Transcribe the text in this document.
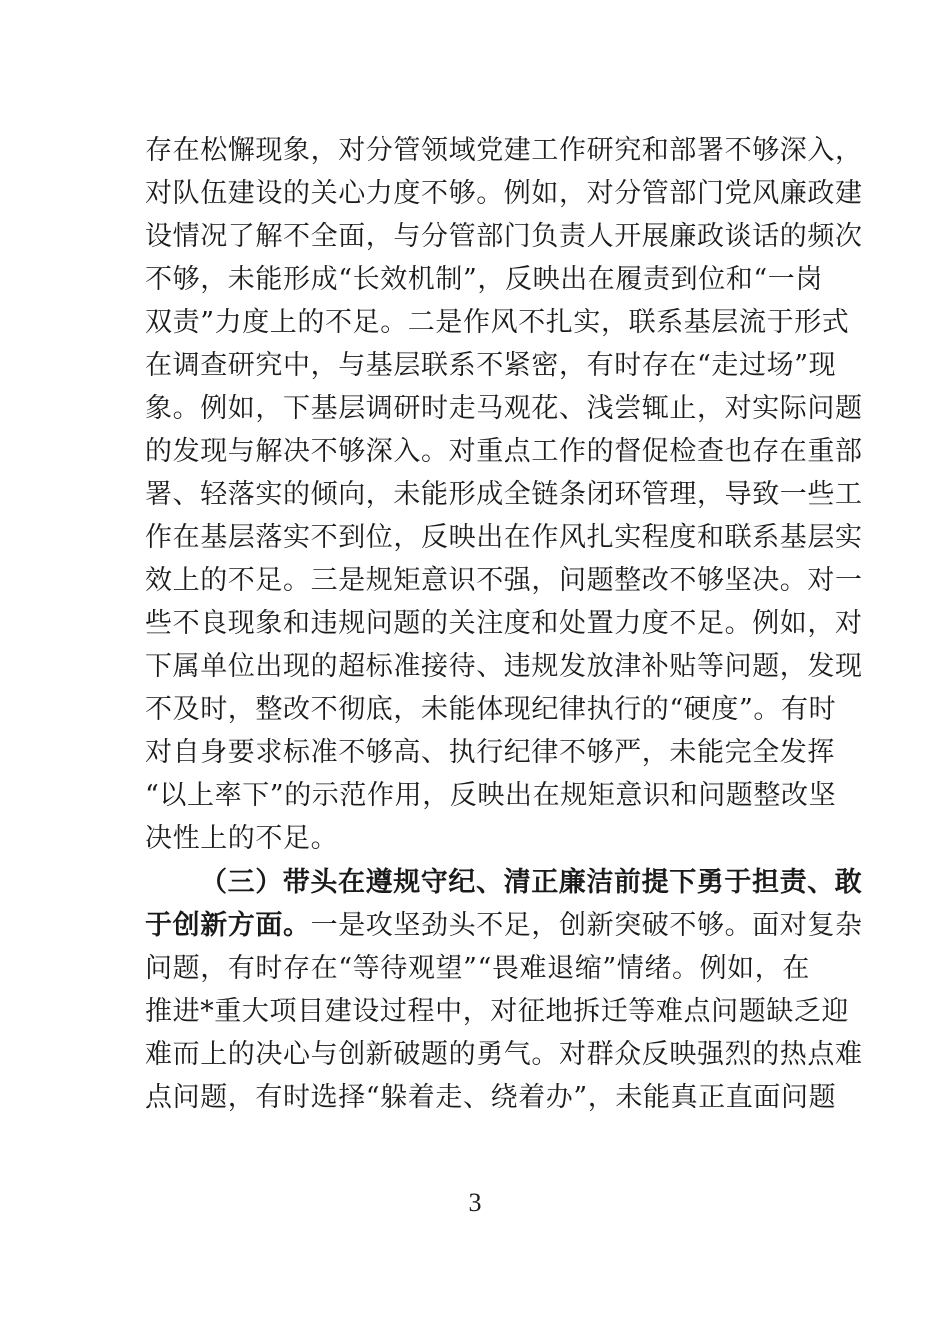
存在松懈现象，对分管领域党建工作研究和部署不够深入，
对队伍建设的关心力度不够。例如，对分管部门党风廉政建
设情况了解不全面，与分管部门负责人开展廉政谈话的频次
不够，未能形成“长效机制”，反映出在履责到位和“一岗
双责”力度上的不足。二是作风不扎实，联系基层流于形式
在调查研究中，与基层联系不紧密，有时存在“走过场”现
象。例如，下基层调研时走马观花、浅尝辄止，对实际问题
的发现与解决不够深入。对重点工作的督促检查也存在重部
署、轻落实的倾向，未能形成全链条闭环管理，导致一些工
作在基层落实不到位，反映出在作风扎实程度和联系基层实
效上的不足。三是规矩意识不强，问题整改不够坚决。对一
些不良现象和违规问题的关注度和处置力度不足。例如，对
下属单位出现的超标准接待、违规发放津补贴等问题，发现
不及时，整改不彻底，未能体现纪律执行的“硬度”。有时
对自身要求标准不够高、执行纪律不够严，未能完全发挥
“以上率下”的示范作用，反映出在规矩意识和问题整改坚
决性上的不足。
（三）带头在遵规守纪、清正廉洁前提下勇于担责、敢
于创新方面。一是攻坚劲头不足，创新突破不够。面对复杂
问题，有时存在“等待观望”“畏难退缩”情绪。例如，在
推进*重大项目建设过程中，对征地拆迁等难点问题缺乏迎
难而上的决心与创新破题的勇气。对群众反映强烈的热点难
点问题，有时选择“躲着走、绕着办”，未能真正直面问题
3
